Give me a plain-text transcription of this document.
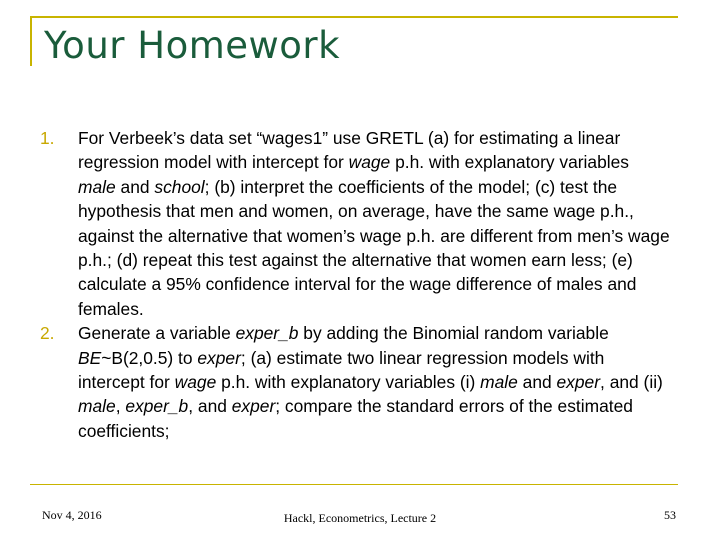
Your Homework
1.	For Verbeek’s data set “wages1” use GRETL (a) for estimating a linear regression model with intercept for wage p.h. with explanatory variables male and school; (b) interpret the coefficients of the model; (c) test the hypothesis that men and women, on average, have the same wage p.h., against the alternative that women’s wage p.h. are different from men’s wage p.h.; (d) repeat this test against the alternative that women earn less; (e) calculate a 95% confidence interval for the wage difference of males and females.
2.	Generate a variable exper_b by adding the Binomial random variable BE~B(2,0.5) to exper; (a) estimate two linear regression models with intercept for wage p.h. with explanatory variables (i) male and exper, and (ii) male, exper_b, and exper; compare the standard errors of the estimated coefficients;
Nov 4, 2016	Hackl, Econometrics, Lecture 2	53
